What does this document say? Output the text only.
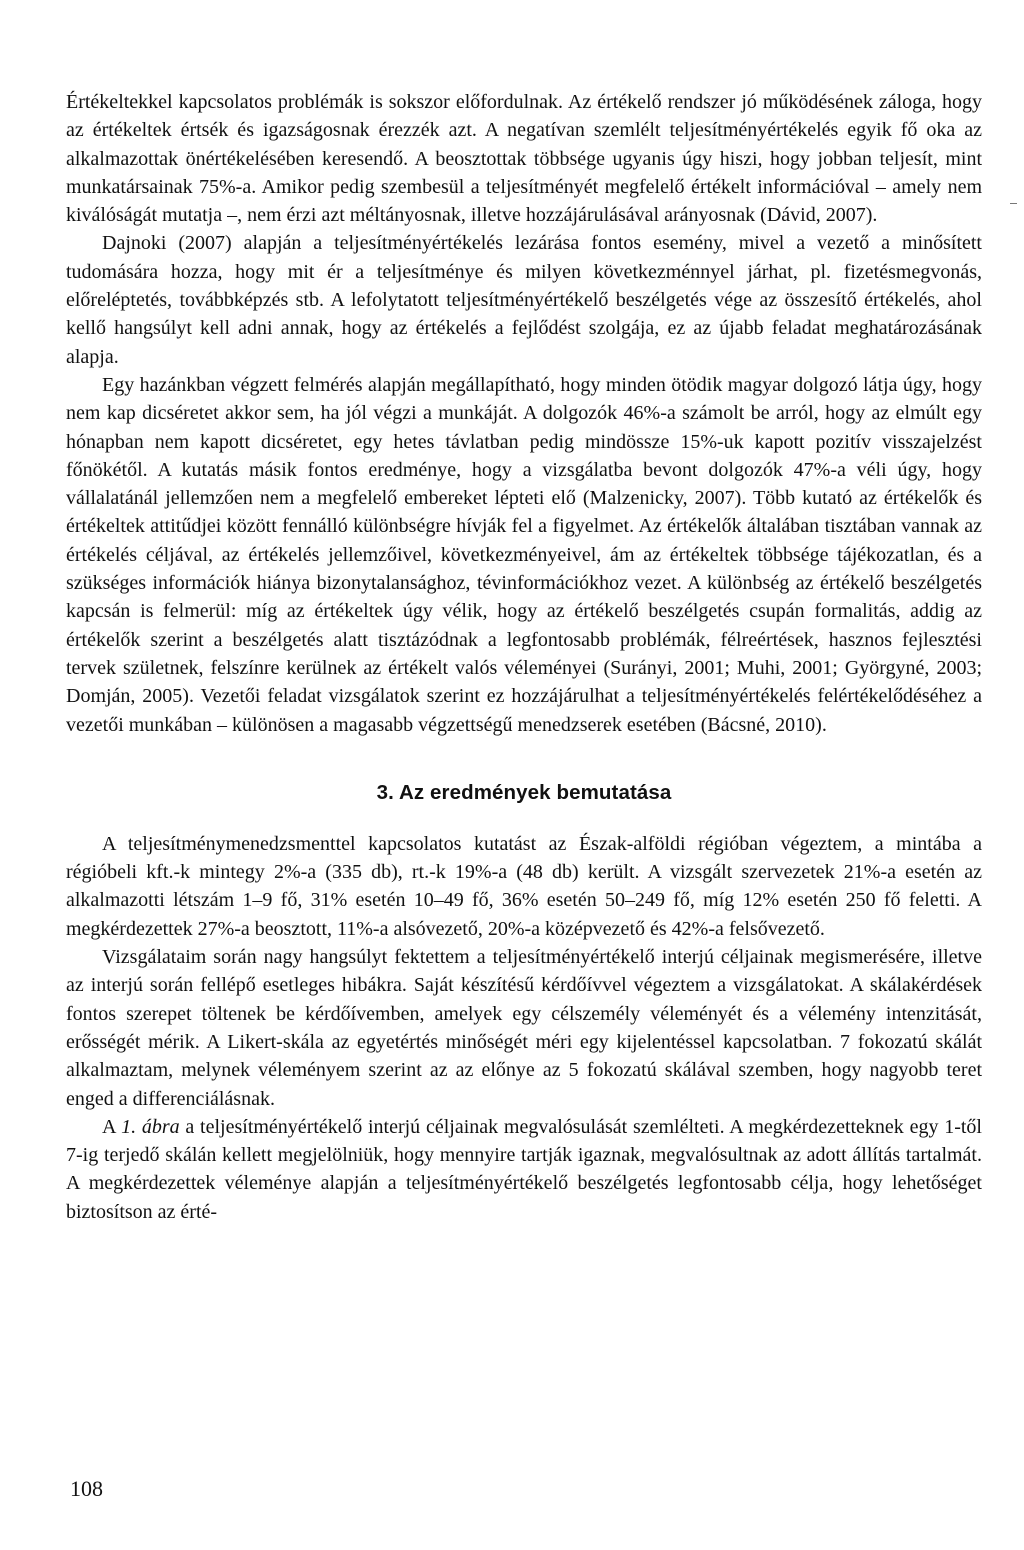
Értékeltekkel kapcsolatos problémák is sokszor előfordulnak. Az értékelő rendszer jó működésének záloga, hogy az értékeltek értsék és igazságosnak érezzék azt. A negatívan szemlélt teljesítményértékelés egyik fő oka az alkalmazottak önértékelésében keresendő. A beosztottak többsége ugyanis úgy hiszi, hogy jobban teljesít, mint munkatársainak 75%-a. Amikor pedig szembesül a teljesítményét megfelelő értékelt információval – amely nem kiválóságát mutatja –, nem érzi azt méltányosnak, illetve hozzájárulásával arányosnak (Dávid, 2007).

Dajnoki (2007) alapján a teljesítményértékelés lezárása fontos esemény, mivel a vezető a minősített tudomására hozza, hogy mit ér a teljesítménye és milyen következménnyel járhat, pl. fizetésmegvonás, előreléptetés, továbbképzés stb. A lefolytatott teljesítményértékelő beszélgetés vége az összesítő értékelés, ahol kellő hangsúlyt kell adni annak, hogy az értékelés a fejlődést szolgája, ez az újabb feladat meghatározásának alapja.

Egy hazánkban végzett felmérés alapján megállapítható, hogy minden ötödik magyar dolgozó látja úgy, hogy nem kap dicséretet akkor sem, ha jól végzi a munkáját. A dolgozók 46%-a számolt be arról, hogy az elmúlt egy hónapban nem kapott dicséretet, egy hetes távlatban pedig mindössze 15%-uk kapott pozitív visszajelzést főnökétől. A kutatás másik fontos eredménye, hogy a vizsgálatba bevont dolgozók 47%-a véli úgy, hogy vállalatánál jellemzően nem a megfelelő embereket lépteti elő (Malzenicky, 2007). Több kutató az értékelők és értékeltek attitűdjei között fennálló különbségre hívják fel a figyelmet. Az értékelők általában tisztában vannak az értékelés céljával, az értékelés jellemzőivel, következményeivel, ám az értékeltek többsége tájékozatlan, és a szükséges információk hiánya bizonytalansághoz, tévinformációkhoz vezet. A különbség az értékelő beszélgetés kapcsán is felmerül: míg az értékeltek úgy vélik, hogy az értékelő beszélgetés csupán formalitás, addig az értékelők szerint a beszélgetés alatt tisztázódnak a legfontosabb problémák, félreértések, hasznos fejlesztési tervek születnek, felszínre kerülnek az értékelt valós véleményei (Surányi, 2001; Muhi, 2001; Györgyné, 2003; Domján, 2005). Vezetői feladat vizsgálatok szerint ez hozzájárulhat a teljesítményértékelés felértékelődéséhez a vezetői munkában – különösen a magasabb végzettségű menedzserek esetében (Bácsné, 2010).

3. Az eredmények bemutatása

A teljesítménymenedzsmenttel kapcsolatos kutatást az Észak-alföldi régióban végeztem, a mintába a régióbeli kft.-k mintegy 2%-a (335 db), rt.-k 19%-a (48 db) került. A vizsgált szervezetek 21%-a esetén az alkalmazotti létszám 1–9 fő, 31% esetén 10–49 fő, 36% esetén 50–249 fő, míg 12% esetén 250 fő feletti. A megkérdezettek 27%-a beosztott, 11%-a alsóvezető, 20%-a középvezető és 42%-a felsővezető.

Vizsgálataim során nagy hangsúlyt fektettem a teljesítményértékelő interjú céljainak megismerésére, illetve az interjú során fellépő esetleges hibákra. Saját készítésű kérdőívvel végeztem a vizsgálatokat. A skálakérdések fontos szerepet töltenek be kérdőívemben, amelyek egy célszemély véleményét és a vélemény intenzitását, erősségét mérik. A Likert-skála az egyetértés minőségét méri egy kijelentéssel kapcsolatban. 7 fokozatú skálát alkalmaztam, melynek véleményem szerint az az előnye az 5 fokozatú skálával szemben, hogy nagyobb teret enged a differenciálásnak.

A 1. ábra a teljesítményértékelő interjú céljainak megvalósulását szemlélteti. A megkérdezetteknek egy 1-től 7-ig terjedő skálán kellett megjelölniük, hogy mennyire tartják igaznak, megvalósultnak az adott állítás tartalmát. A megkérdezettek véleménye alapján a teljesítményértékelő beszélgetés legfontosabb célja, hogy lehetőséget biztosítson az érté-

108
